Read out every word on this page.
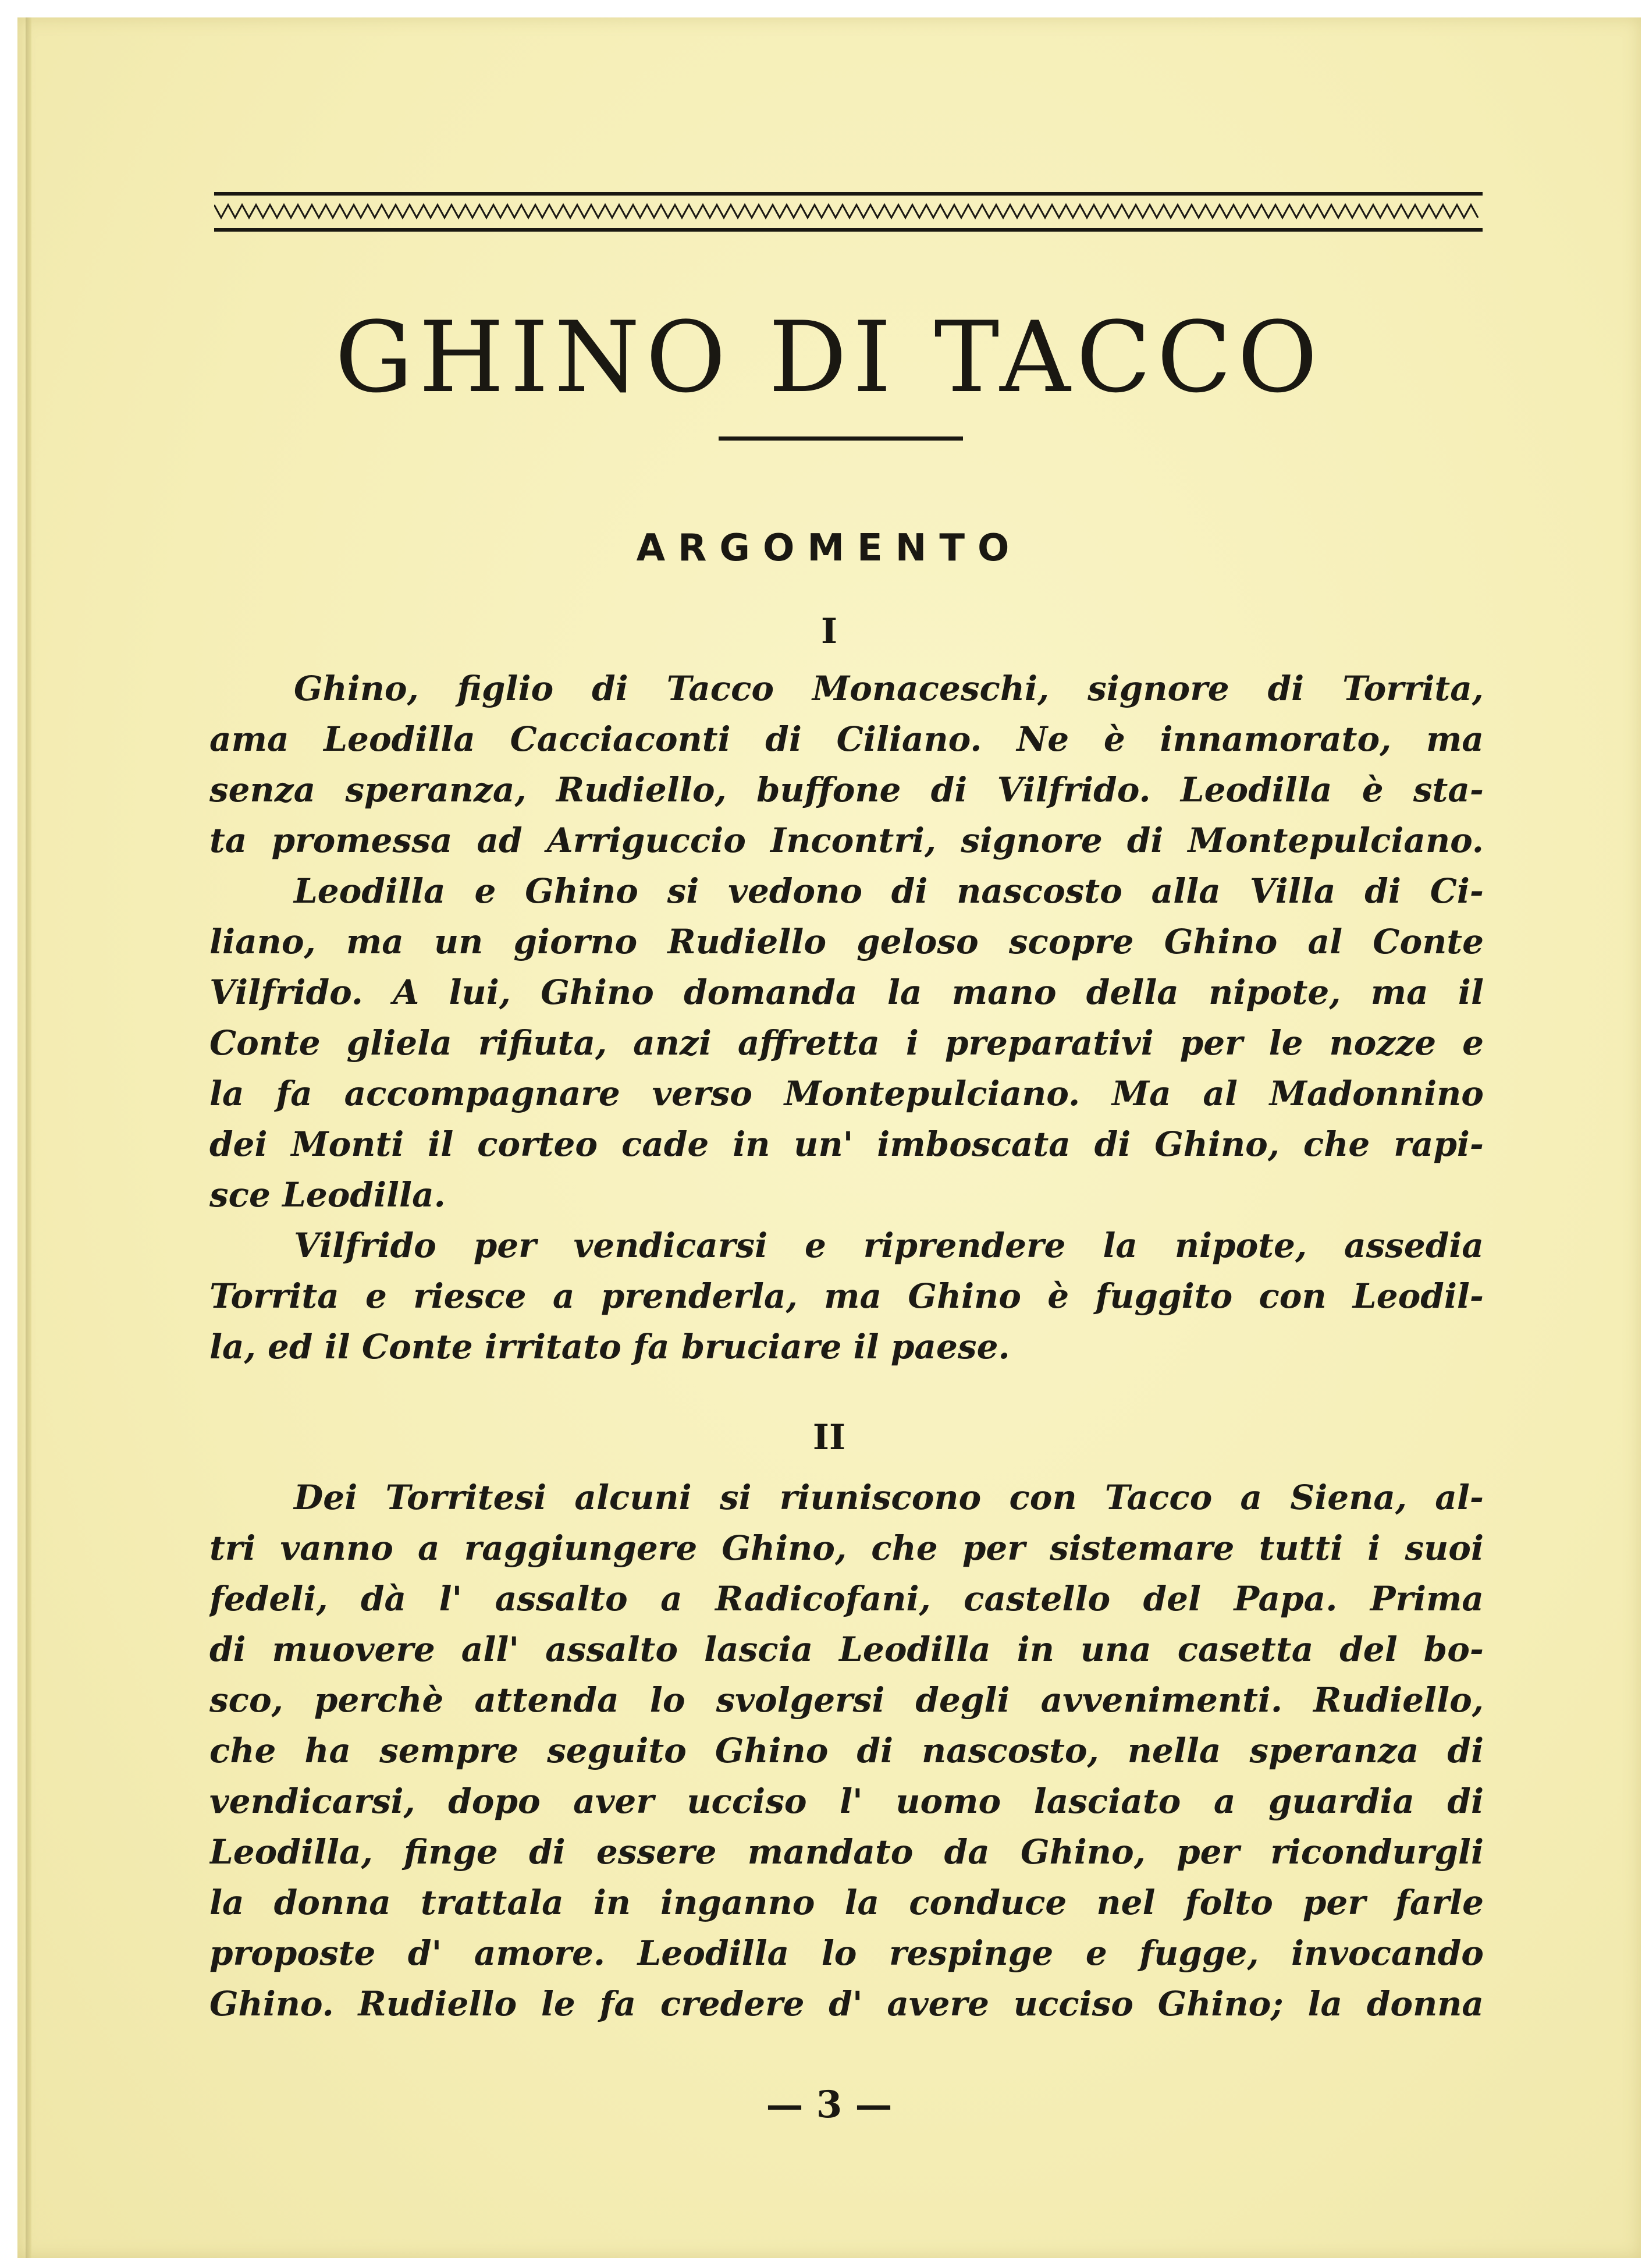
GHINO DI TACCO
ARGOMENTO
I
Ghino, figlio di Tacco Monaceschi, signore di Torrita,
ama Leodilla Cacciaconti di Ciliano. Ne è innamorato, ma
senza speranza, Rudiello, buffone di Vilfrido. Leodilla è sta-
ta promessa ad Arriguccio Incontri, signore di Montepulciano.
Leodilla e Ghino si vedono di nascosto alla Villa di Ci-
liano, ma un giorno Rudiello geloso scopre Ghino al Conte
Vilfrido. A lui, Ghino domanda la mano della nipote, ma il
Conte gliela rifiuta, anzi affretta i preparativi per le nozze e
la fa accompagnare verso Montepulciano. Ma al Madonnino
dei Monti il corteo cade in un' imboscata di Ghino, che rapi-
sce Leodilla.
Vilfrido per vendicarsi e riprendere la nipote, assedia
Torrita e riesce a prenderla, ma Ghino è fuggito con Leodil-
la, ed il Conte irritato fa bruciare il paese.
II
Dei Torritesi alcuni si riuniscono con Tacco a Siena, al-
tri vanno a raggiungere Ghino, che per sistemare tutti i suoi
fedeli, dà l' assalto a Radicofani, castello del Papa. Prima
di muovere all' assalto lascia Leodilla in una casetta del bo-
sco, perchè attenda lo svolgersi degli avvenimenti. Rudiello,
che ha sempre seguito Ghino di nascosto, nella speranza di
vendicarsi, dopo aver ucciso l' uomo lasciato a guardia di
Leodilla, finge di essere mandato da Ghino, per ricondurgli
la donna trattala in inganno la conduce nel folto per farle
proposte d' amore. Leodilla lo respinge e fugge, invocando
Ghino. Rudiello le fa credere d' avere ucciso Ghino; la donna
— 3 —
